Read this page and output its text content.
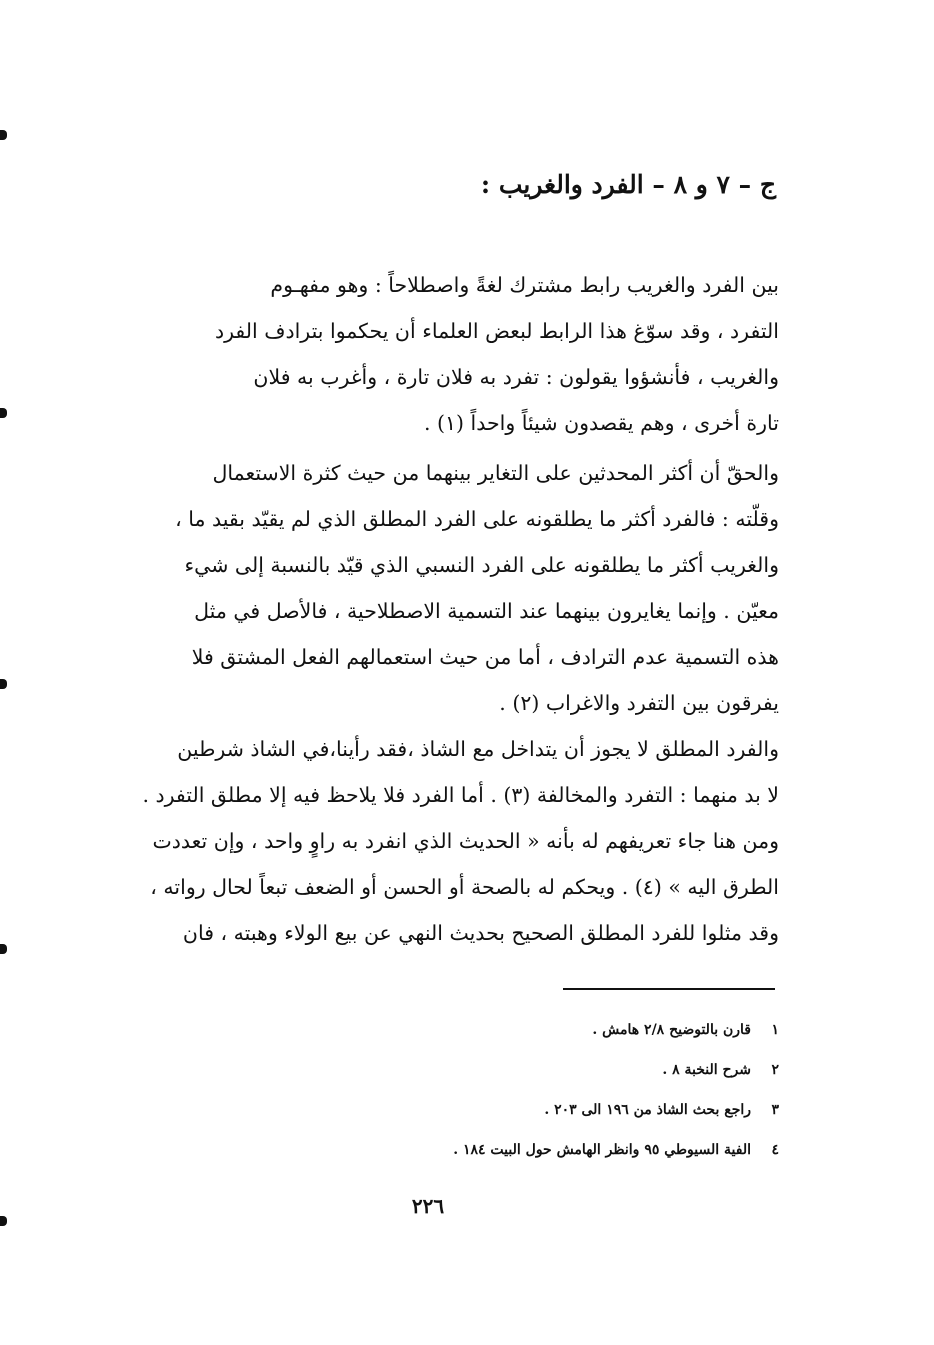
ج – ٧ و ٨ – الفرد والغريب :
بين الفرد والغريب رابط مشترك لغةً واصطلاحاً : وهو مفهـوم
التفرد ، وقد سوّغ هذا الرابط لبعض العلماء أن يحكموا بترادف الفرد
والغريب ، فأنشؤوا يقولون : تفرد به فلان تارة ، وأغرب به فلان
تارة أخرى ، وهم يقصدون شيئاً واحداً (١) .
والحقّ أن أكثر المحدثين على التغاير بينهما من حيث كثرة الاستعمال
وقلّته : فالفرد أكثر ما يطلقونه على الفرد المطلق الذي لم يقيّد بقيد ما ،
والغريب أكثر ما يطلقونه على الفرد النسبي الذي قيّد بالنسبة إلى شيء
معيّن . وإنما يغايرون بينهما عند التسمية الاصطلاحية ، فالأصل في مثل
هذه التسمية عدم الترادف ، أما من حيث استعمالهم الفعل المشتق فلا
يفرقون بين التفرد والاغراب (٢) .
والفرد المطلق لا يجوز أن يتداخل مع الشاذ ،فقد رأينا،في الشاذ شرطين
لا بد منهما : التفرد والمخالفة (٣) . أما الفرد فلا يلاحظ فيه إلا مطلق التفرد .
ومن هنا جاء تعريفهم له بأنه « الحديث الذي انفرد به راوٍ واحد ، وإن تعددت
الطرق اليه » (٤) . ويحكم له بالصحة أو الحسن أو الضعف تبعاً لحال رواته ،
وقد مثلوا للفرد المطلق الصحيح بحديث النهي عن بيع الولاء وهبته ، فان
١
قارن بالتوضيح ٢/٨ هامش .
٢
شرح النخبة ٨ .
٣
راجع بحث الشاذ من ١٩٦ الى ٢٠٣ .
٤
الفية السيوطي ٩٥ وانظر الهامش حول البيت ١٨٤ .
٢٢٦
